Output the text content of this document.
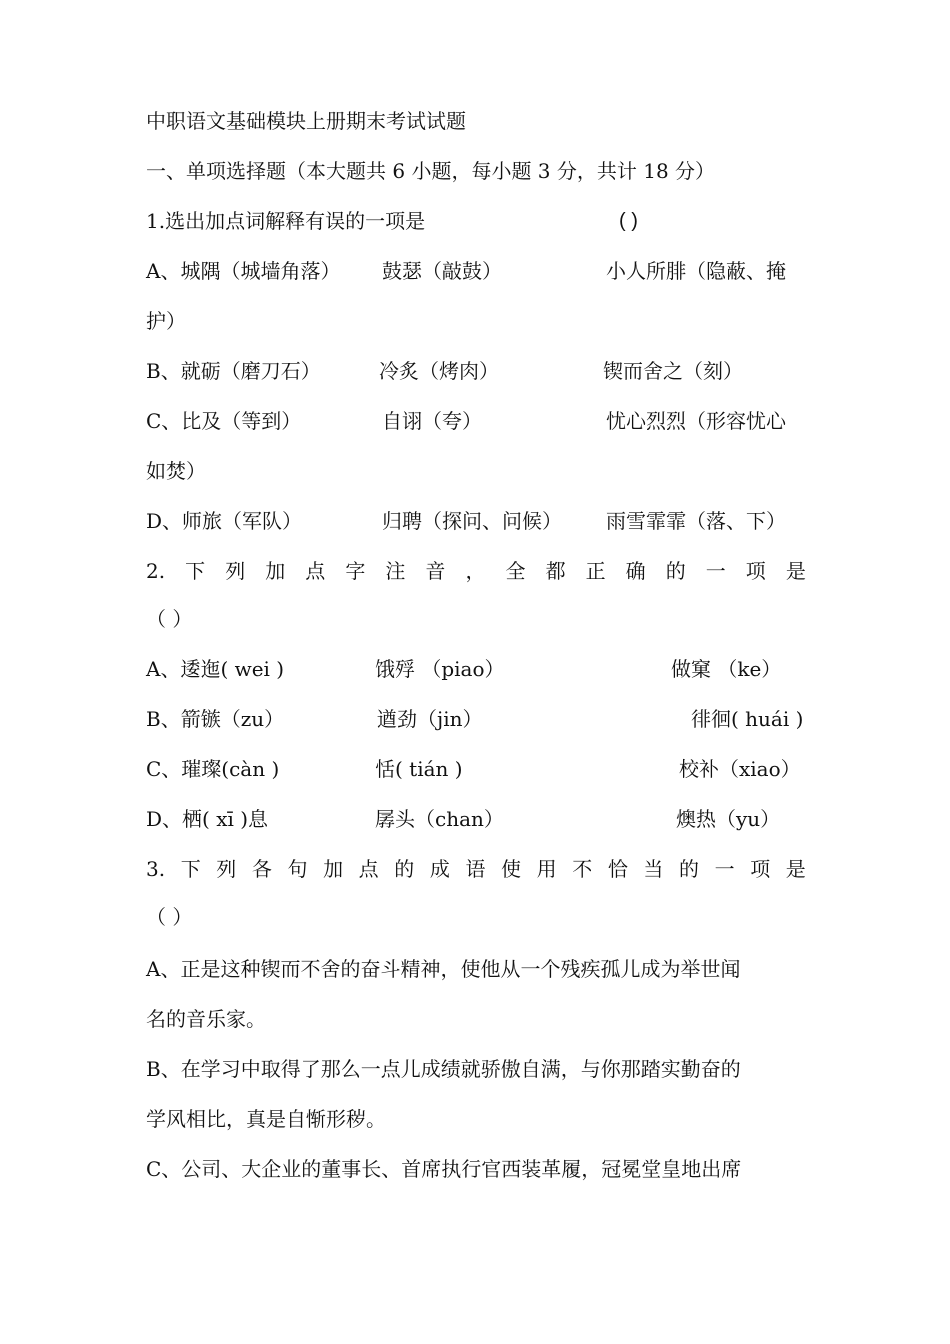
中职语文基础模块上册期末考试试题
一、单项选择题（本大题共 6 小题，每小题 3 分，共计 18 分）
1.选出加点词解释有误的一项是	( )
A、城隅（城墙角落） 鼓瑟（敲鼓）	小人所腓（隐蔽、掩
护）
B、就砺（磨刀石）	冷炙（烤肉）	锲而舍之（刻）
C、比及（等到）	自诩（夸）	忧心烈烈（形容忧心
如焚）
D、师旅（军队）	归聘（探问、问候） 雨雪霏霏（落、下）
2. 下 列 加 点 字 注 音 ， 全 都 正 确 的 一 项 是
（ ）
A、逶迤( wei )	饿殍 （piao）	做窠 （ke）
B、箭镞（zu）	遒劲（jin）	徘徊( huái )
C、璀璨(càn )	恬( tián )	校补（xiao）
D、栖( xī )息	孱头（chan）	燠热（yu）
3. 下 列 各 句 加 点 的 成 语 使 用 不 恰 当 的 一 项 是
（ ）
A、正是这种锲而不舍的奋斗精神，使他从一个残疾孤儿成为举世闻
名的音乐家。
B、在学习中取得了那么一点儿成绩就骄傲自满，与你那踏实勤奋的
学风相比，真是自惭形秽。
C、公司、大企业的董事长、首席执行官西装革履，冠冕堂皇地出席
